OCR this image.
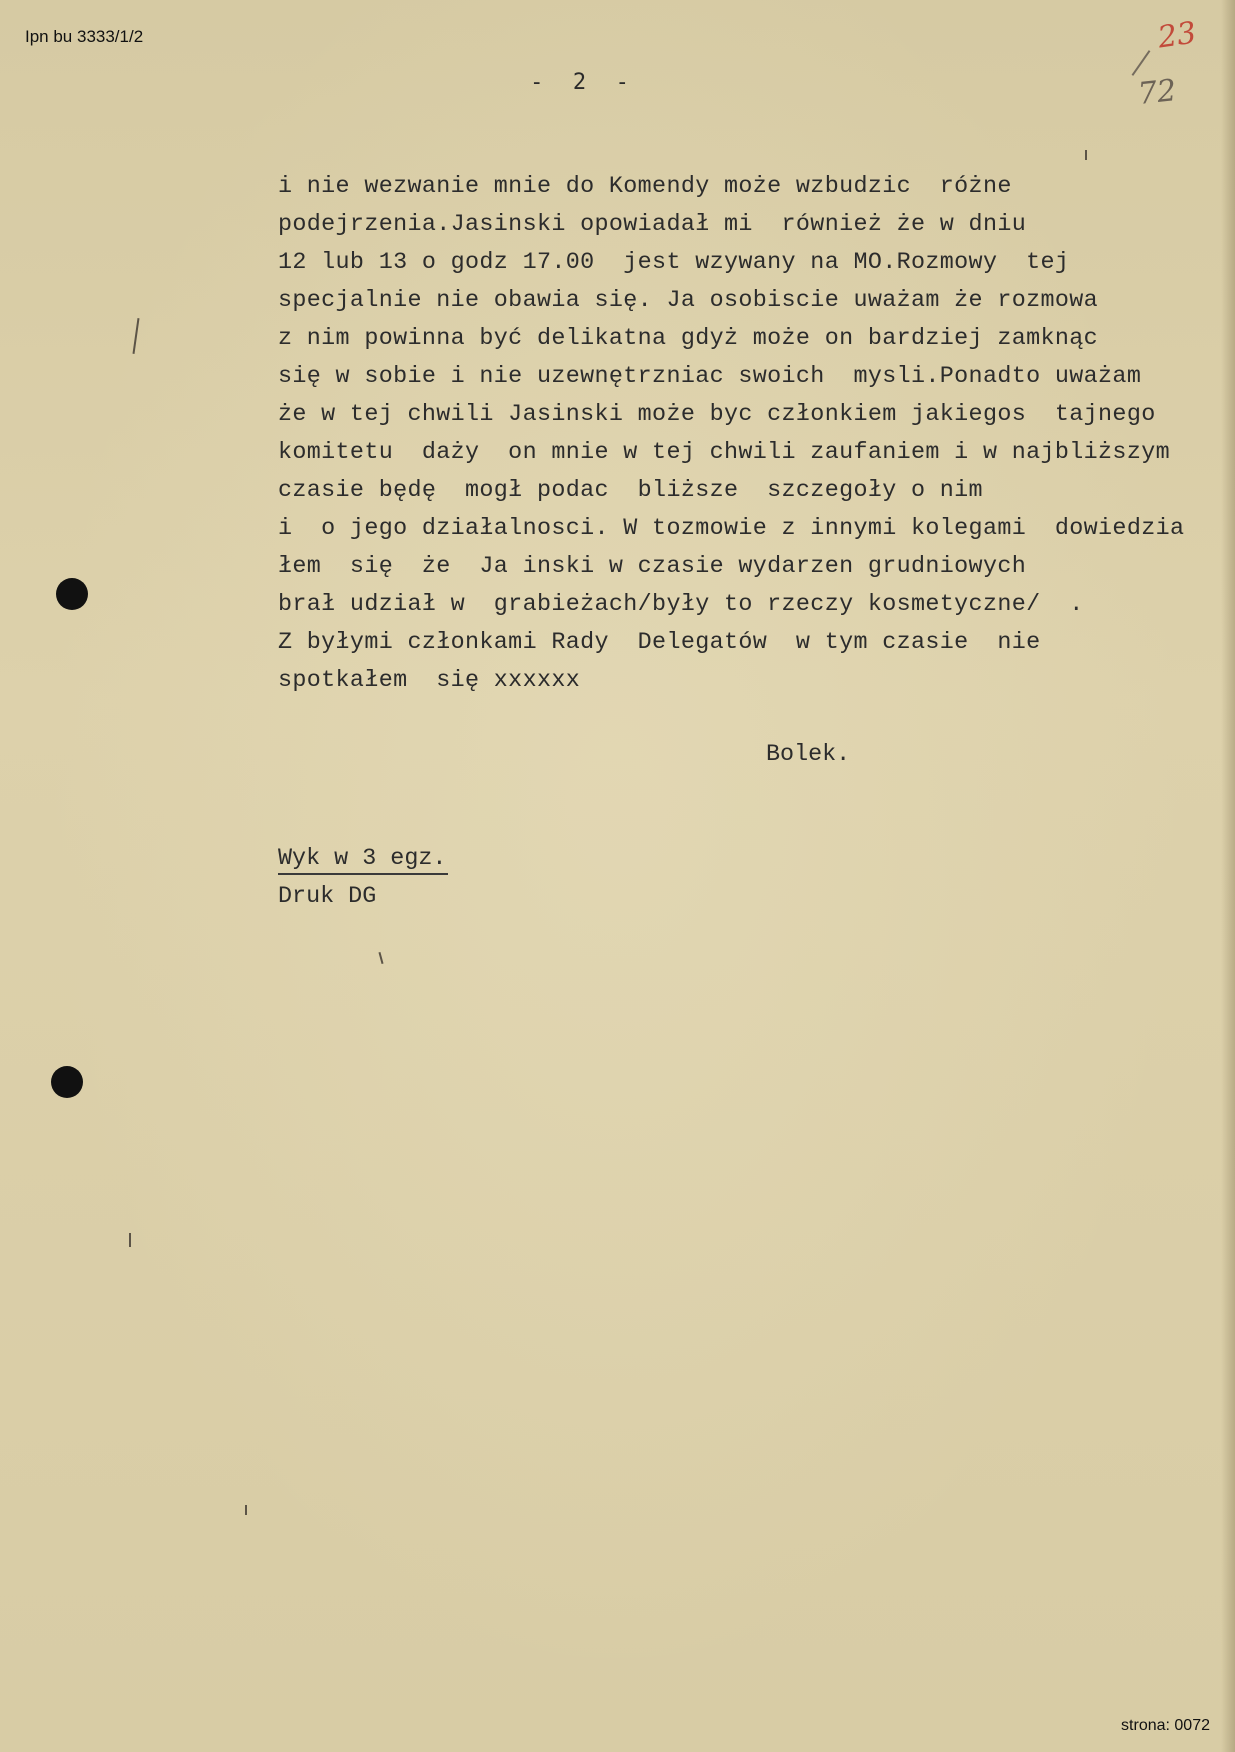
Ipn bu 3333/1/2	23
72
-  2  -
i nie wezwanie mnie do Komendy może wzbudzic  różne
podejrzenia.Jasinski opowiadał mi  również że w dniu
12 lub 13 o godz 17.00  jest wzywany na MO.Rozmowy  tej
specjalnie nie obawia się. Ja osobiscie uważam że rozmowa
z nim powinna być delikatna gdyż może on bardziej zamknąc
się w sobie i nie uzewnętrzniac swoich  mysli.Ponadto uważam
że w tej chwili Jasinski może byc członkiem jakiegos  tajnego
komitetu  daży  on mnie w tej chwili zaufaniem i w najbliższym
czasie będę  mogł podac  bliższe  szczegoły o nim
i  o jego działalnosci. W tozmowie z innymi kolegami  dowiedzia
łem  się  że  Ja inski w czasie wydarzen grudniowych
brał udział w  grabieżach/były to rzeczy kosmetyczne/  .
Z byłymi członkami Rady  Delegatów  w tym czasie  nie
spotkałem  się xxxxxx
Bolek.
Wyk w 3 egz.
Druk DG
strona: 0072
